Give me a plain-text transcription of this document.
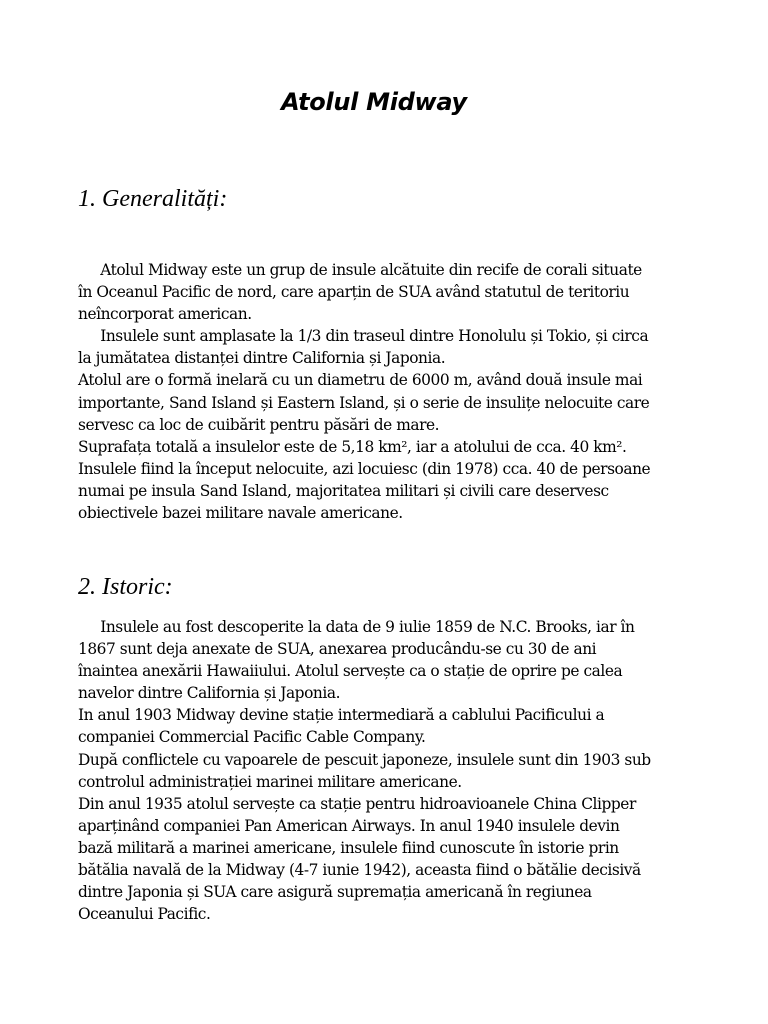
Atolul Midway
1. Generalități:
Atolul Midway este un grup de insule alcătuite din recife de corali situate
în Oceanul Pacific de nord, care aparțin de SUA având statutul de teritoriu
neîncorporat american.
Insulele sunt amplasate la 1/3 din traseul dintre Honolulu și Tokio, și circa
la jumătatea distanței dintre California și Japonia.
Atolul are o formă inelară cu un diametru de 6000 m, având două insule mai
importante, Sand Island și Eastern Island, și o serie de insulițe nelocuite care
servesc ca loc de cuibărit pentru păsări de mare.
Suprafața totală a insulelor este de 5,18 km², iar a atolului de cca. 40 km².
Insulele fiind la început nelocuite, azi locuiesc (din 1978) cca. 40 de persoane
numai pe insula Sand Island, majoritatea militari și civili care deservesc
obiectivele bazei militare navale americane.
2. Istoric:
Insulele au fost descoperite la data de 9 iulie 1859 de N.C. Brooks, iar în
1867 sunt deja anexate de SUA, anexarea producându-se cu 30 de ani
înaintea anexării Hawaiiului. Atolul servește ca o stație de oprire pe calea
navelor dintre California și Japonia.
In anul 1903 Midway devine stație intermediară a cablului Pacificului a
companiei Commercial Pacific Cable Company.
După conflictele cu vapoarele de pescuit japoneze, insulele sunt din 1903 sub
controlul administrației marinei militare americane.
Din anul 1935 atolul servește ca stație pentru hidroavioanele China Clipper
aparținând companiei Pan American Airways. In anul 1940 insulele devin
bază militară a marinei americane, insulele fiind cunoscute în istorie prin
bătălia navală de la Midway (4-7 iunie 1942), aceasta fiind o bătălie decisivă
dintre Japonia și SUA care asigură supremația americană în regiunea
Oceanului Pacific.
